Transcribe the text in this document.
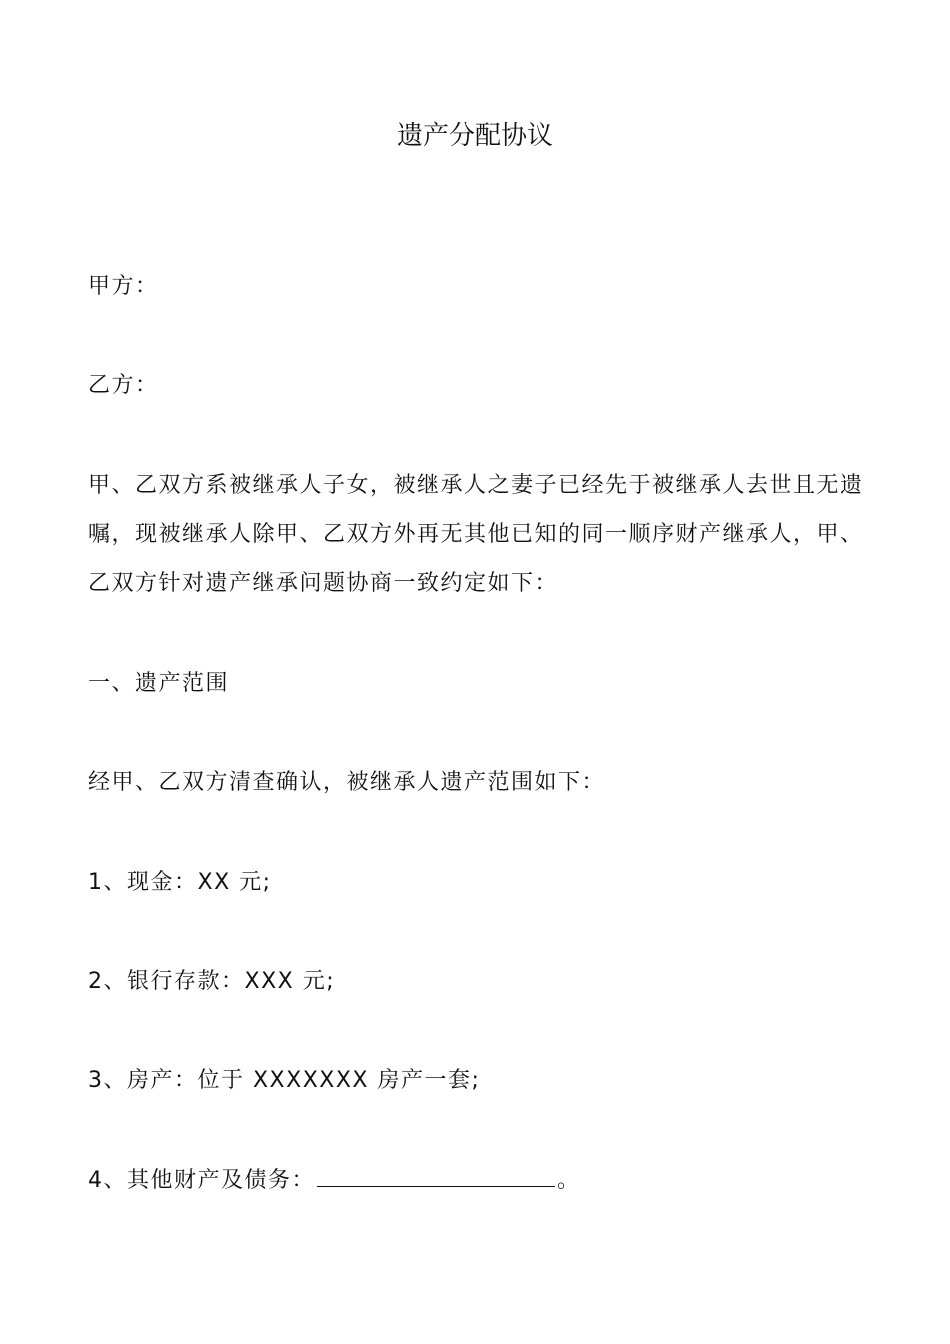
遗产分配协议

甲方：

乙方：

甲、乙双方系被继承人子女，被继承人之妻子已经先于被继承人去世且无遗嘱，现被继承人除甲、乙双方外再无其他已知的同一顺序财产继承人，甲、乙双方针对遗产继承问题协商一致约定如下：

一、遗产范围

经甲、乙双方清查确认，被继承人遗产范围如下：

1、现金：XX 元;

2、银行存款：XXX 元;

3、房产：位于 XXXXXXX 房产一套;

4、其他财产及债务：	。
